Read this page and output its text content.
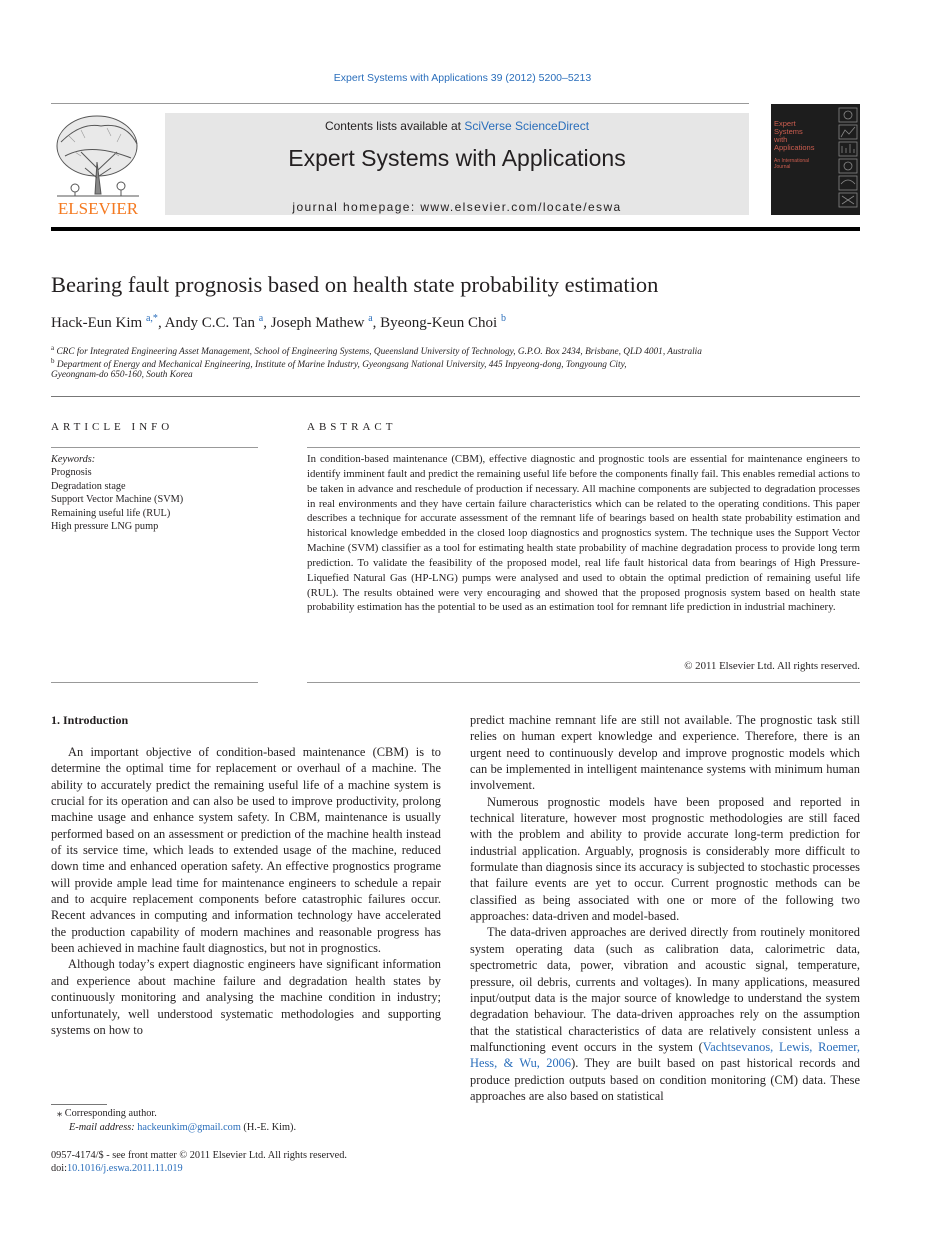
Expert Systems with Applications 39 (2012) 5200–5213
ELSEVIER
Contents lists available at SciVerse ScienceDirect
Expert Systems with Applications
journal homepage: www.elsevier.com/locate/eswa
Expert
Systems
with
Applications
An International
Journal
Bearing fault prognosis based on health state probability estimation
Hack-Eun Kim $^{a,*}$, Andy C.C. Tan $^a$, Joseph Mathew $^a$, Byeong-Keun Choi $^b$
$^a$ CRC for Integrated Engineering Asset Management, School of Engineering Systems, Queensland University of Technology, G.P.O. Box 2434, Brisbane, QLD 4001, Australia
$^b$ Department of Energy and Mechanical Engineering, Institute of Marine Industry, Gyeongsang National University, 445 Inpyeong-dong, Tongyoung City,
Gyeongnam-do 650-160, South Korea
ARTICLE INFO
Keywords:
Prognosis
Degradation stage
Support Vector Machine (SVM)
Remaining useful life (RUL)
High pressure LNG pump
ABSTRACT
In condition-based maintenance (CBM), effective diagnostic and prognostic tools are essential for maintenance engineers to identify imminent fault and predict the remaining useful life before the components finally fail. This enables remedial actions to be taken in advance and reschedule of production if necessary. All machine components are subjected to degradation processes in real environments and they have certain failure characteristics which can be related to the operating conditions. This paper describes a technique for accurate assessment of the remnant life of bearings based on health state probability estimation and historical knowledge embedded in the closed loop diagnostics and prognostics system. The technique uses the Support Vector Machine (SVM) classifier as a tool for estimating health state probability of machine degradation process to provide long term prediction. To validate the feasibility of the proposed model, real life fault historical data from bearings of High Pressure-Liquefied Natural Gas (HP-LNG) pumps were analysed and used to obtain the optimal prediction of remaining useful life (RUL). The results obtained were very encouraging and showed that the proposed prognosis system based on health state probability estimation has the potential to be used as an estimation tool for remnant life prediction in industrial machinery.
© 2011 Elsevier Ltd. All rights reserved.
1. Introduction

An important objective of condition-based maintenance (CBM) is to determine the optimal time for replacement or overhaul of a machine. The ability to accurately predict the remaining useful life of a machine system is crucial for its operation and can also be used to improve productivity, prolong machine usage and enhance system safety. In CBM, maintenance is usually performed based on an assessment or prediction of the machine health instead of its service time, which leads to extended usage of the machine, reduced down time and enhanced operation safety. An effective prognostics programe will provide ample lead time for maintenance engineers to schedule a repair and to acquire replacement components before catastrophic failures occur. Recent advances in computing and information technology have accelerated the production capability of modern machines and reasonable progress has been achieved in machine fault diagnostics, but not in prognostics.

Although today’s expert diagnostic engineers have significant information and experience about machine failure and degradation health states by continuously monitoring and analysing the machine condition in industry; unfortunately, well understood systematic methodologies and supporting systems on how to

predict machine remnant life are still not available. The prognostic task still relies on human expert knowledge and experience. Therefore, there is an urgent need to continuously develop and improve prognostic models which can be implemented in intelligent maintenance systems with minimum human involvement.

Numerous prognostic models have been proposed and reported in technical literature, however most prognostic methodologies are still faced with the problem and ability to provide accurate long-term prediction for industrial application. Arguably, prognosis is considerably more difficult to formulate than diagnosis since its accuracy is subjected to stochastic processes that failure events are yet to occur. Current prognostic methods can be classified as being associated with one or more of the following two approaches: data-driven and model-based.

The data-driven approaches are derived directly from routinely monitored system operating data (such as calibration data, calorimetric data, spectrometric data, power, vibration and acoustic signal, temperature, pressure, oil debris, currents and voltages). In many applications, measured input/output data is the major source of knowledge to understand the system degradation behaviour. The data-driven approaches rely on the assumption that the statistical characteristics of data are relatively consistent unless a malfunctioning event occurs in the system (Vachtsevanos, Lewis, Roemer, Hess, & Wu, 2006). They are built based on past historical records and produce prediction outputs based on condition monitoring (CM) data. These approaches are also based on statistical

⁎ Corresponding author.
E-mail address: hackeunkim@gmail.com (H.-E. Kim).
0957-4174/$ - see front matter © 2011 Elsevier Ltd. All rights reserved.
doi:10.1016/j.eswa.2011.11.019
